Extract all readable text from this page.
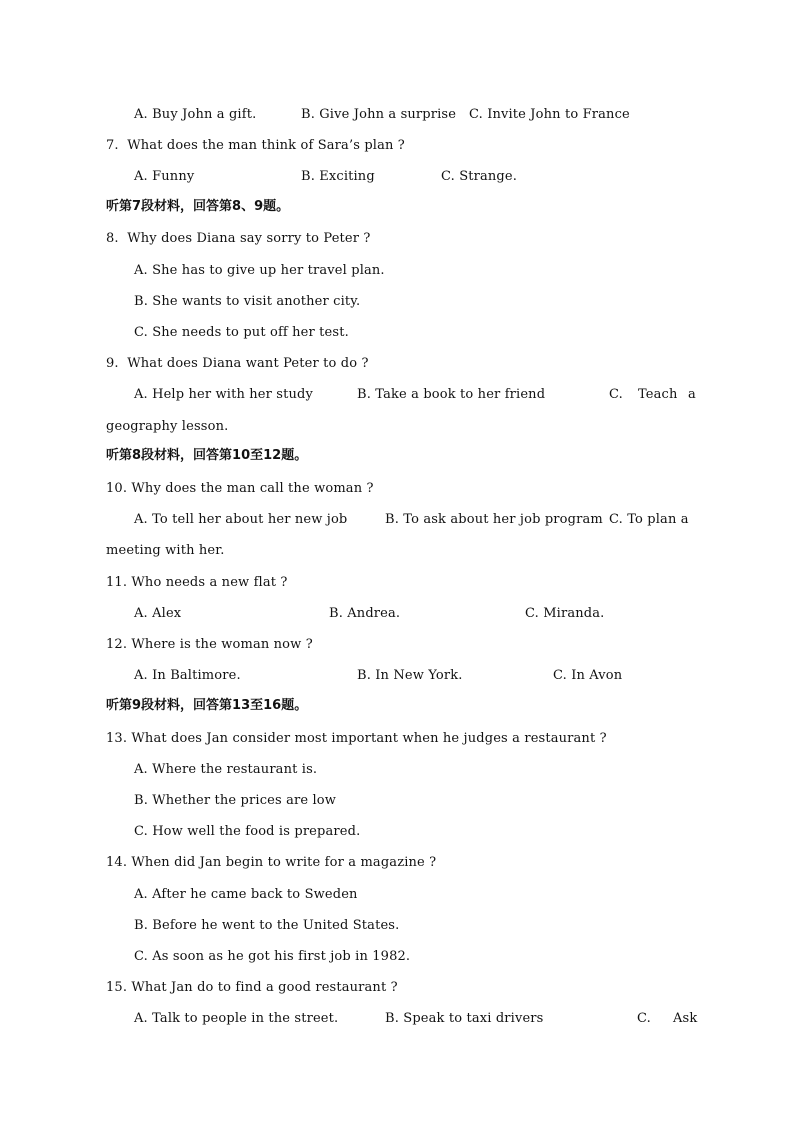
A. Buy John a gift.	B. Give John a surprise C. Invite John to France
7.  What does the man think of Sara’s plan ?
A. Funny	B. Exciting	C. Strange.
听第7段材料，回答第8、9题。
8.  Why does Diana say sorry to Peter ?
A. She has to give up her travel plan.
B. She wants to visit another city.
C. She needs to put off her test.
9.  What does Diana want Peter to do ?
A. Help her with her study	B. Take a book to her friend	C. Teach a
geography lesson.
听第8段材料，回答第10至12题。
10. Why does the man call the woman ?
A. To tell her about her new job	B. To ask about her job program C. To plan a
meeting with her.
11. Who needs a new flat ?
A. Alex	B. Andrea.	C. Miranda.
12. Where is the woman now ?
A. In Baltimore.	B. In New York.	C. In Avon
听第9段材料，回答第13至16题。
13. What does Jan consider most important when he judges a restaurant ?
A. Where the restaurant is.
B. Whether the prices are low
C. How well the food is prepared.
14. When did Jan begin to write for a magazine ?
A. After he came back to Sweden
B. Before he went to the United States.
C. As soon as he got his first job in 1982.
15. What Jan do to find a good restaurant ?
A. Talk to people in the street.	B. Speak to taxi drivers	C. Ask
